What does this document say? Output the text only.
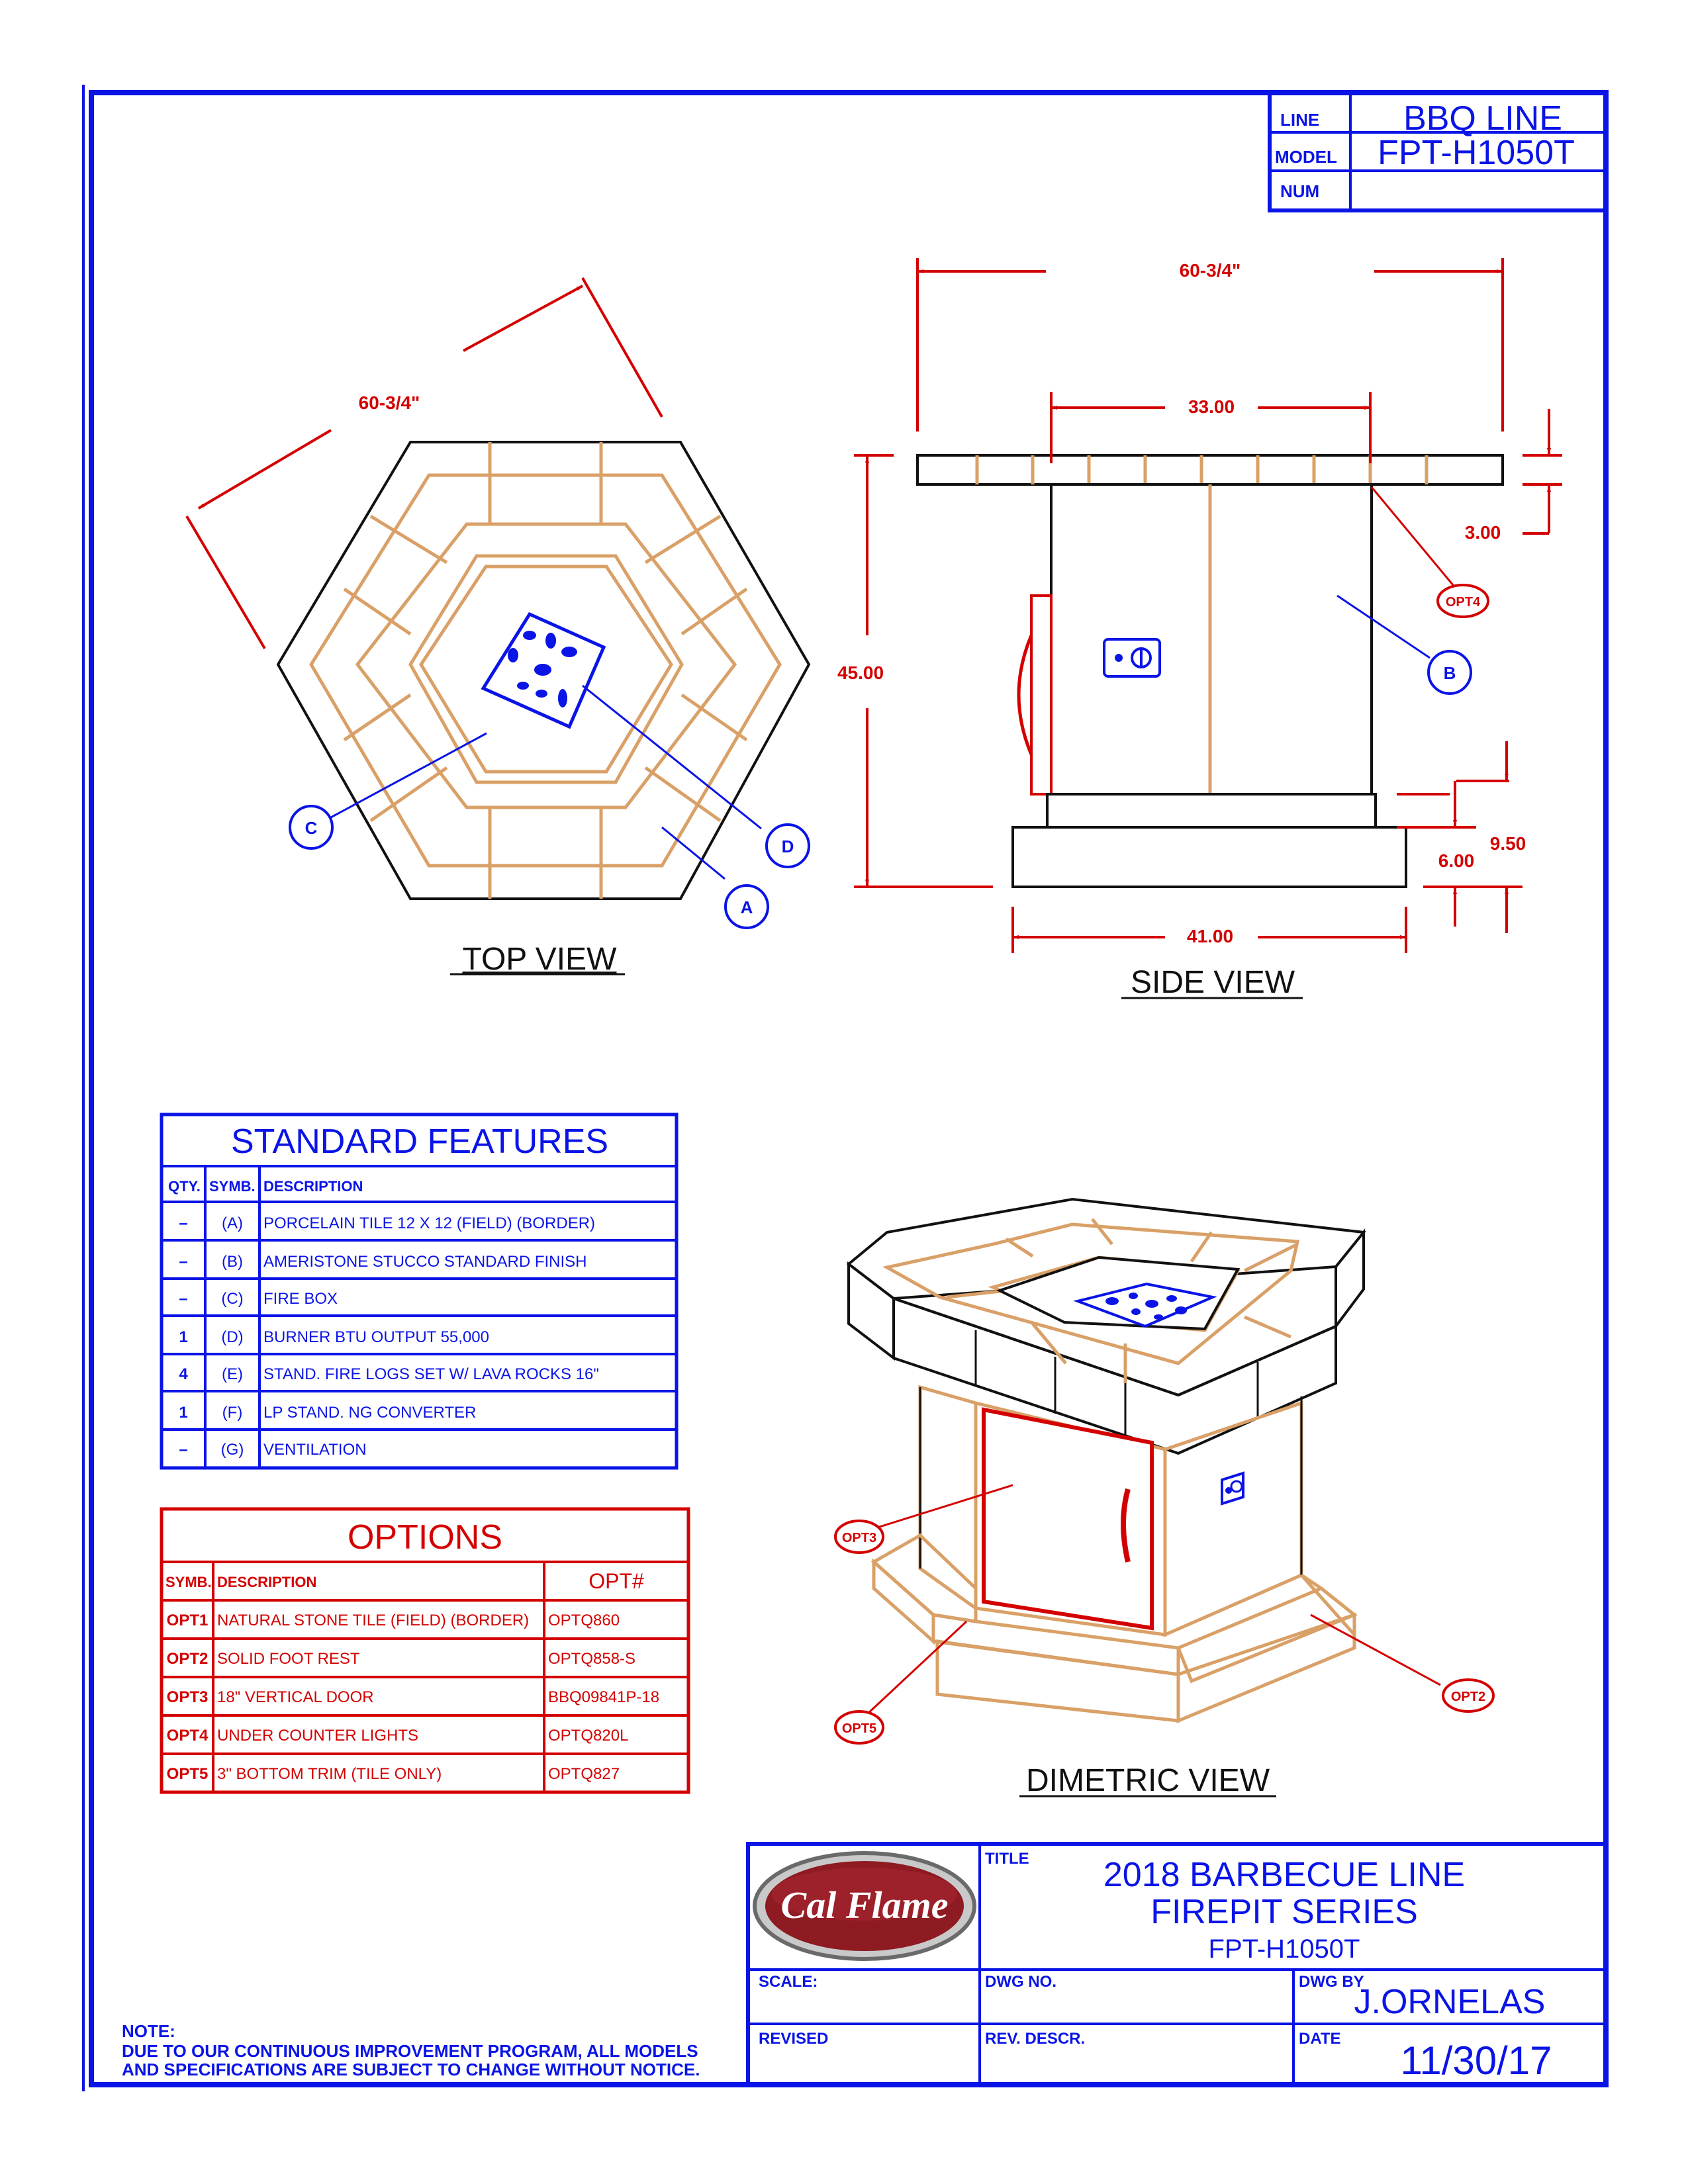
LINE BBQ LINE
MODEL FPT-H1050T
NUM
60-3/4"
C
D
A
TOP VIEW
60-3/4"
33.00
45.00
3.00
41.00
6.00
9.50
OPT4
B
SIDE VIEW
STANDARD FEATURES
QTY. SYMB. DESCRIPTION
– (A) PORCELAIN TILE 12 X 12 (FIELD) (BORDER)
– (B) AMERISTONE STUCCO STANDARD FINISH
– (C) FIRE BOX
1 (D) BURNER BTU OUTPUT 55,000
4 (E) STAND. FIRE LOGS SET W/ LAVA ROCKS 16"
1 (F) LP STAND. NG CONVERTER
– (G) VENTILATION
OPTIONS
SYMB. DESCRIPTION	OPT#
OPT1 NATURAL STONE TILE (FIELD) (BORDER) OPTQ860
OPT2 SOLID FOOT REST	OPTQ858-S
OPT3 18" VERTICAL DOOR	BBQ09841P-18
OPT4 UNDER COUNTER LIGHTS	OPTQ820L
OPT5 3" BOTTOM TRIM (TILE ONLY)	OPTQ827
OPT3
OPT5
OPT2
DIMETRIC VIEW
Cal Flame
TITLE 2018 BARBECUE LINE
FIREPIT SERIES
FPT-H1050T
SCALE:	DWG NO.	DWG BY
J.ORNELAS
REVISED	REV. DESCR.	DATE 11/30/17
NOTE:
DUE TO OUR CONTINUOUS IMPROVEMENT PROGRAM, ALL MODELS
AND SPECIFICATIONS ARE SUBJECT TO CHANGE WITHOUT NOTICE.
